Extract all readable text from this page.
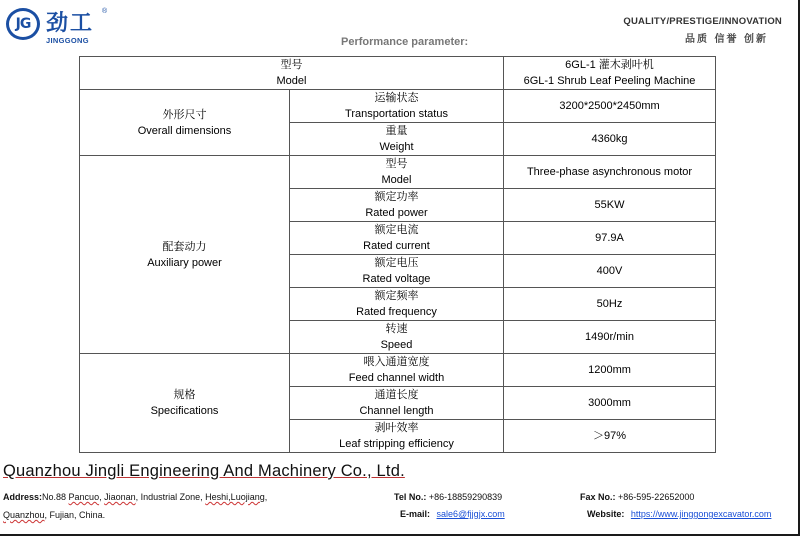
JG 劲工 ®
JINGGONG
QUALITY/PRESTIGE/INNOVATION
品质 信誉 创新
Performance parameter:
型号
Model		6GL-1 灌木剥叶机
6GL-1 Shrub Leaf Peeling Machine

外形尺寸
Overall dimensions	运输状态
Transportation status	3200*2500*2450mm

	重量
Weight	4360kg

配套动力
Auxiliary power	型号
Model	Three-phase asynchronous motor

	额定功率
Rated power	55KW

	额定电流
Rated current	97.9A

	额定电压
Rated voltage	400V

	额定频率
Rated frequency	50Hz

	转速
Speed	1490r/min

规格
Specifications	喂入通道宽度
Feed channel width	1200mm

	通道长度
Channel length	3000mm

	剥叶效率
Leaf stripping efficiency	＞97%
Quanzhou Jingli Engineering And Machinery Co., Ltd.
Address:No.88 Pancuo, Jiaonan, Industrial Zone, Heshi,Luojiang,
Quanzhou, Fujian, China.
Tel No.: +86-18859290839
E-mail: sale6@fjjgjx.com
Fax No.: +86-595-22652000
Website: https://www.jinggongexcavator.com
